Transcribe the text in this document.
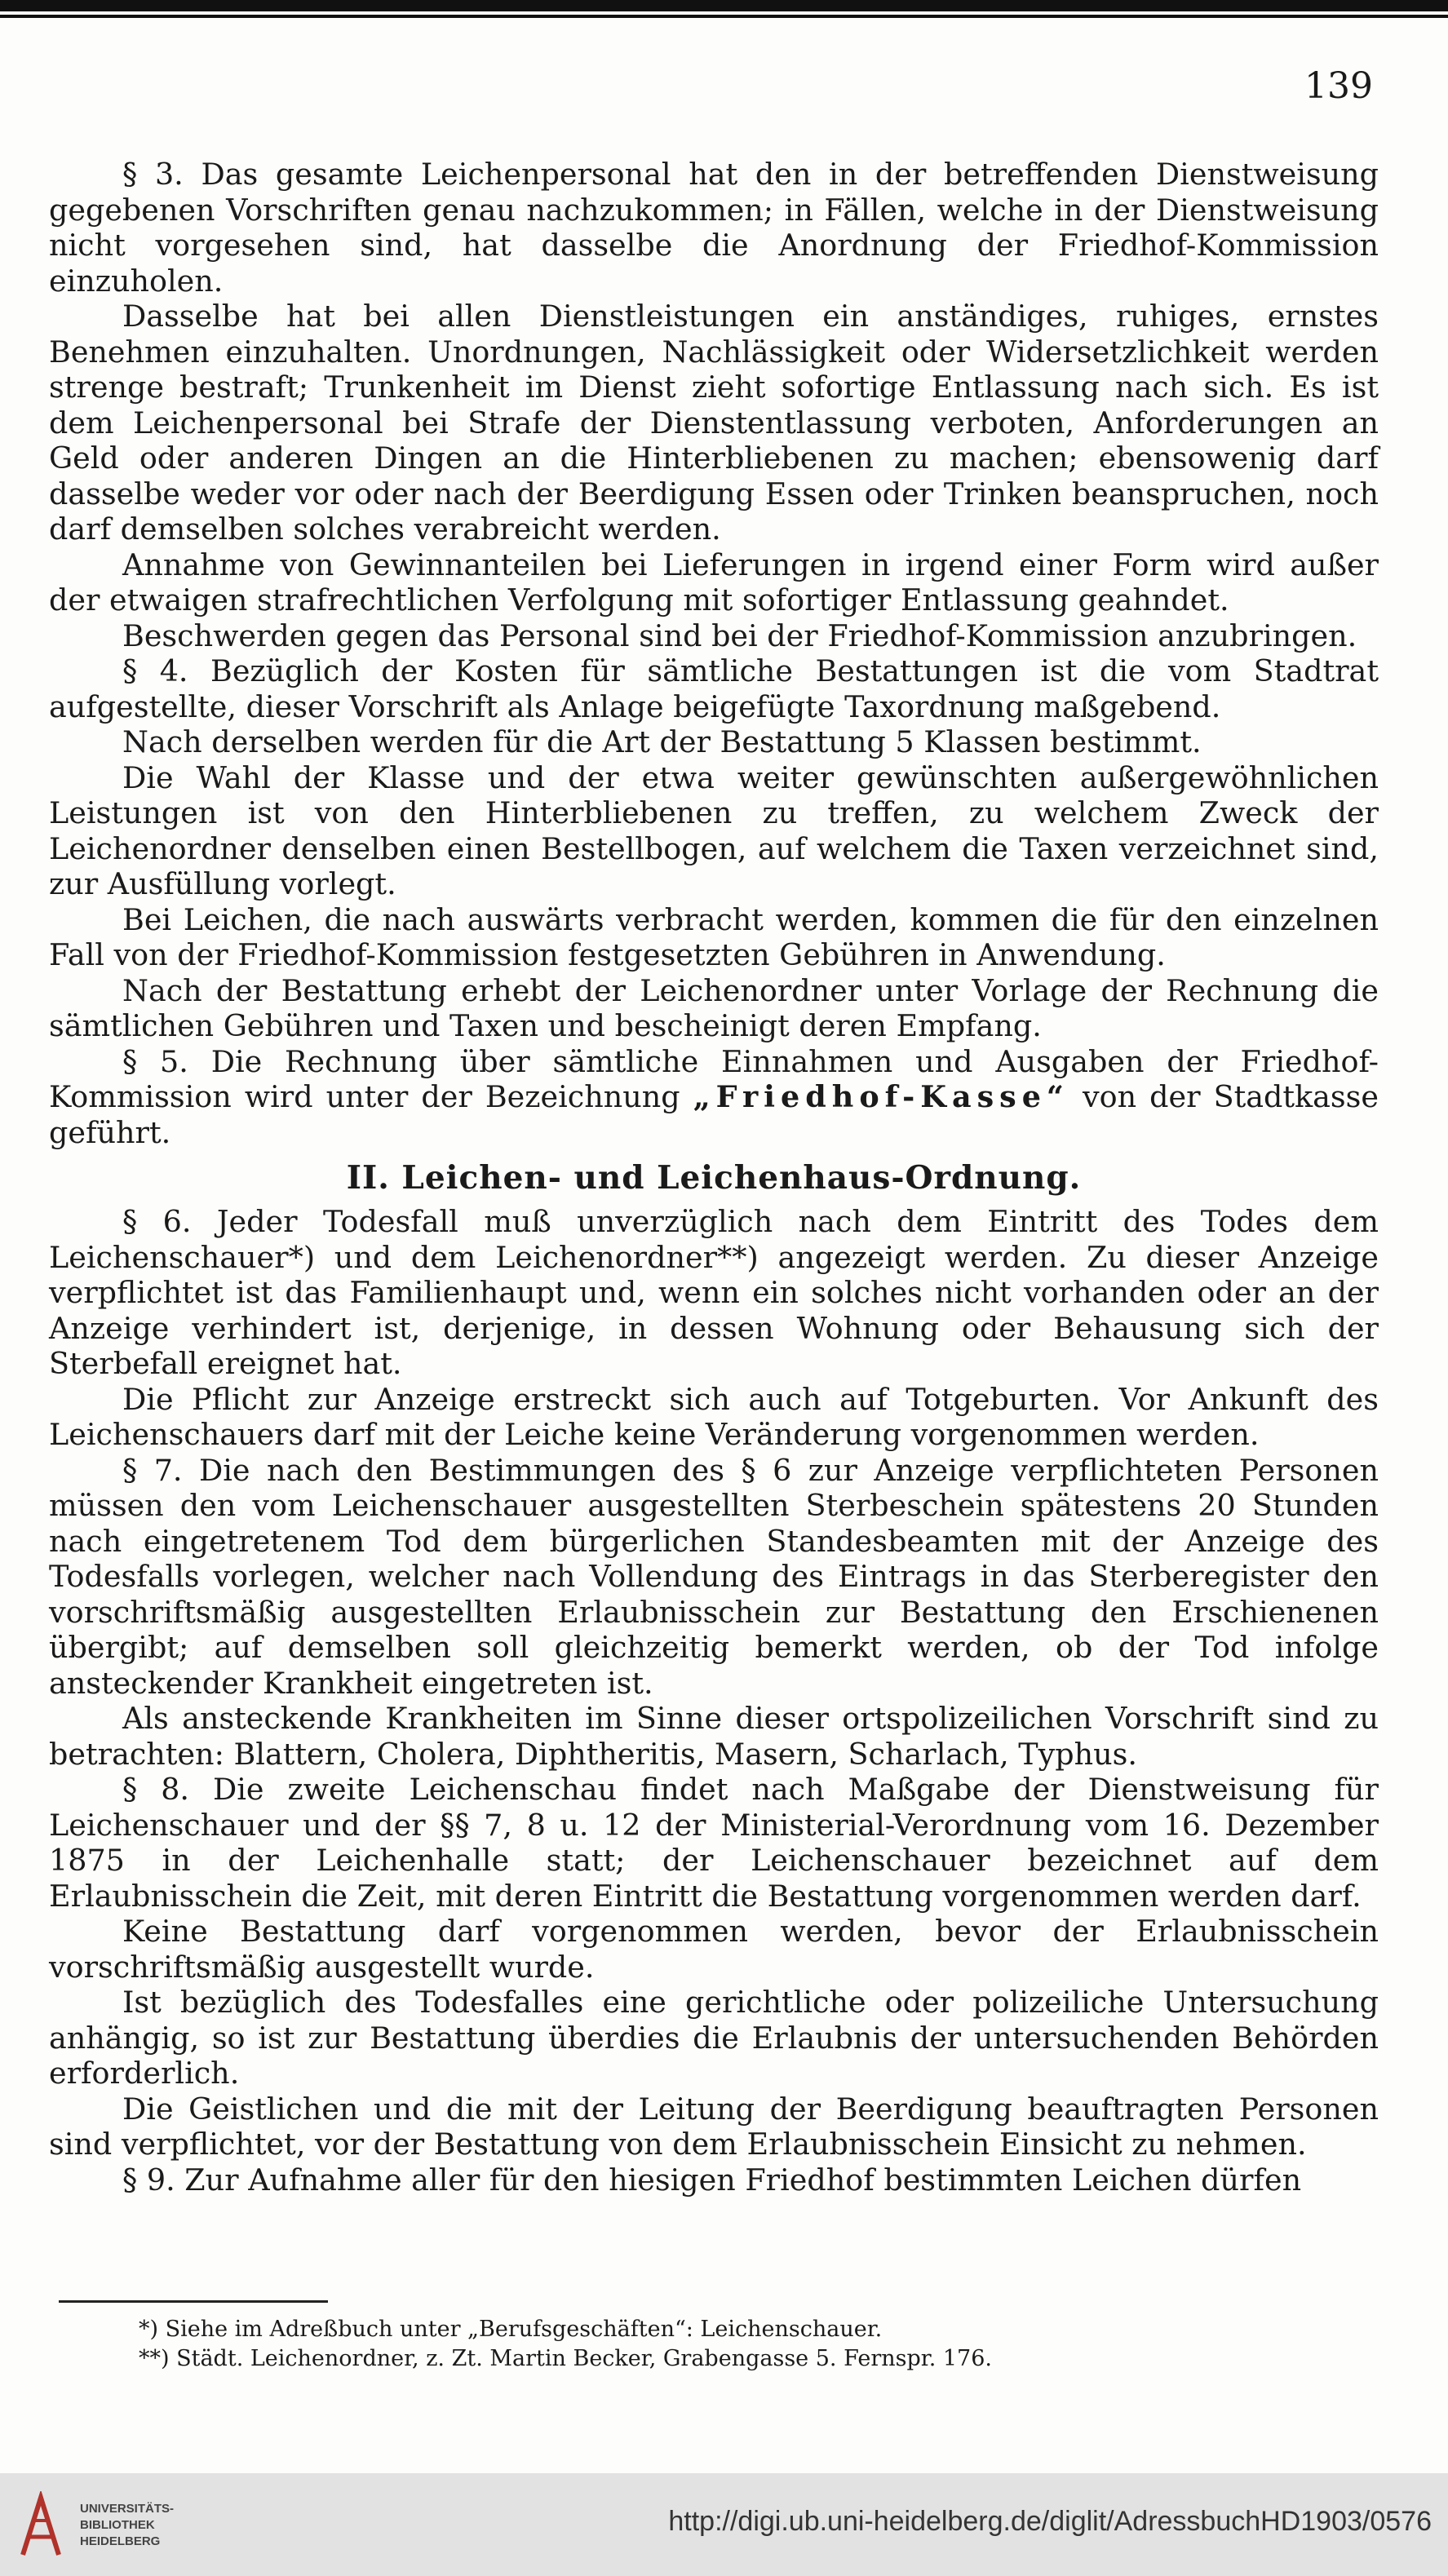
139

§ 3. Das gesamte Leichenpersonal hat den in der betreffenden Dienstweisung gegebenen Vorschriften genau nachzukommen; in Fällen, welche in der Dienstweisung nicht vorgesehen sind, hat dasselbe die Anordnung der Friedhof-Kommission einzuholen.

Dasselbe hat bei allen Dienstleistungen ein anständiges, ruhiges, ernstes Benehmen einzuhalten. Unordnungen, Nachlässigkeit oder Widersetzlichkeit werden strenge bestraft; Trunkenheit im Dienst zieht sofortige Entlassung nach sich. Es ist dem Leichenpersonal bei Strafe der Dienstentlassung verboten, Anforderungen an Geld oder anderen Dingen an die Hinterbliebenen zu machen; ebensowenig darf dasselbe weder vor oder nach der Beerdigung Essen oder Trinken beanspruchen, noch darf demselben solches verabreicht werden.

Annahme von Gewinnanteilen bei Lieferungen in irgend einer Form wird außer der etwaigen strafrechtlichen Verfolgung mit sofortiger Entlassung geahndet.

Beschwerden gegen das Personal sind bei der Friedhof-Kommission anzubringen.

§ 4. Bezüglich der Kosten für sämtliche Bestattungen ist die vom Stadtrat aufgestellte, dieser Vorschrift als Anlage beigefügte Taxordnung maßgebend.

Nach derselben werden für die Art der Bestattung 5 Klassen bestimmt.

Die Wahl der Klasse und der etwa weiter gewünschten außergewöhnlichen Leistungen ist von den Hinterbliebenen zu treffen, zu welchem Zweck der Leichenordner denselben einen Bestellbogen, auf welchem die Taxen verzeichnet sind, zur Ausfüllung vorlegt.

Bei Leichen, die nach auswärts verbracht werden, kommen die für den einzelnen Fall von der Friedhof-Kommission festgesetzten Gebühren in Anwendung.

Nach der Bestattung erhebt der Leichenordner unter Vorlage der Rechnung die sämtlichen Gebühren und Taxen und bescheinigt deren Empfang.

§ 5. Die Rechnung über sämtliche Einnahmen und Ausgaben der Friedhof-Kommission wird unter der Bezeichnung „Friedhof-Kasse“ von der Stadtkasse geführt.

II. Leichen- und Leichenhaus-Ordnung.

§ 6. Jeder Todesfall muß unverzüglich nach dem Eintritt des Todes dem Leichenschauer*) und dem Leichenordner**) angezeigt werden. Zu dieser Anzeige verpflichtet ist das Familienhaupt und, wenn ein solches nicht vorhanden oder an der Anzeige verhindert ist, derjenige, in dessen Wohnung oder Behausung sich der Sterbefall ereignet hat.

Die Pflicht zur Anzeige erstreckt sich auch auf Totgeburten. Vor Ankunft des Leichenschauers darf mit der Leiche keine Veränderung vorgenommen werden.

§ 7. Die nach den Bestimmungen des § 6 zur Anzeige verpflichteten Personen müssen den vom Leichenschauer ausgestellten Sterbeschein spätestens 20 Stunden nach eingetretenem Tod dem bürgerlichen Standesbeamten mit der Anzeige des Todesfalls vorlegen, welcher nach Vollendung des Eintrags in das Sterberegister den vorschriftsmäßig ausgestellten Erlaubnisschein zur Bestattung den Erschienenen übergibt; auf demselben soll gleichzeitig bemerkt werden, ob der Tod infolge ansteckender Krankheit eingetreten ist.

Als ansteckende Krankheiten im Sinne dieser ortspolizeilichen Vorschrift sind zu betrachten: Blattern, Cholera, Diphtheritis, Masern, Scharlach, Typhus.

§ 8. Die zweite Leichenschau findet nach Maßgabe der Dienstweisung für Leichenschauer und der §§ 7, 8 u. 12 der Ministerial-Verordnung vom 16. Dezember 1875 in der Leichenhalle statt; der Leichenschauer bezeichnet auf dem Erlaubnisschein die Zeit, mit deren Eintritt die Bestattung vorgenommen werden darf.

Keine Bestattung darf vorgenommen werden, bevor der Erlaubnisschein vorschriftsmäßig ausgestellt wurde.

Ist bezüglich des Todesfalles eine gerichtliche oder polizeiliche Untersuchung anhängig, so ist zur Bestattung überdies die Erlaubnis der untersuchenden Behörden erforderlich.

Die Geistlichen und die mit der Leitung der Beerdigung beauftragten Personen sind verpflichtet, vor der Bestattung von dem Erlaubnisschein Einsicht zu nehmen.

§ 9. Zur Aufnahme aller für den hiesigen Friedhof bestimmten Leichen dürfen

*) Siehe im Adreßbuch unter „Berufsgeschäften“: Leichenschauer.

**) Städt. Leichenordner, z. Zt. Martin Becker, Grabengasse 5. Fernspr. 176.

UNIVERSITÄTS-
BIBLIOTHEK
HEIDELBERG
http://digi.ub.uni-heidelberg.de/diglit/AdressbuchHD1903/0576
